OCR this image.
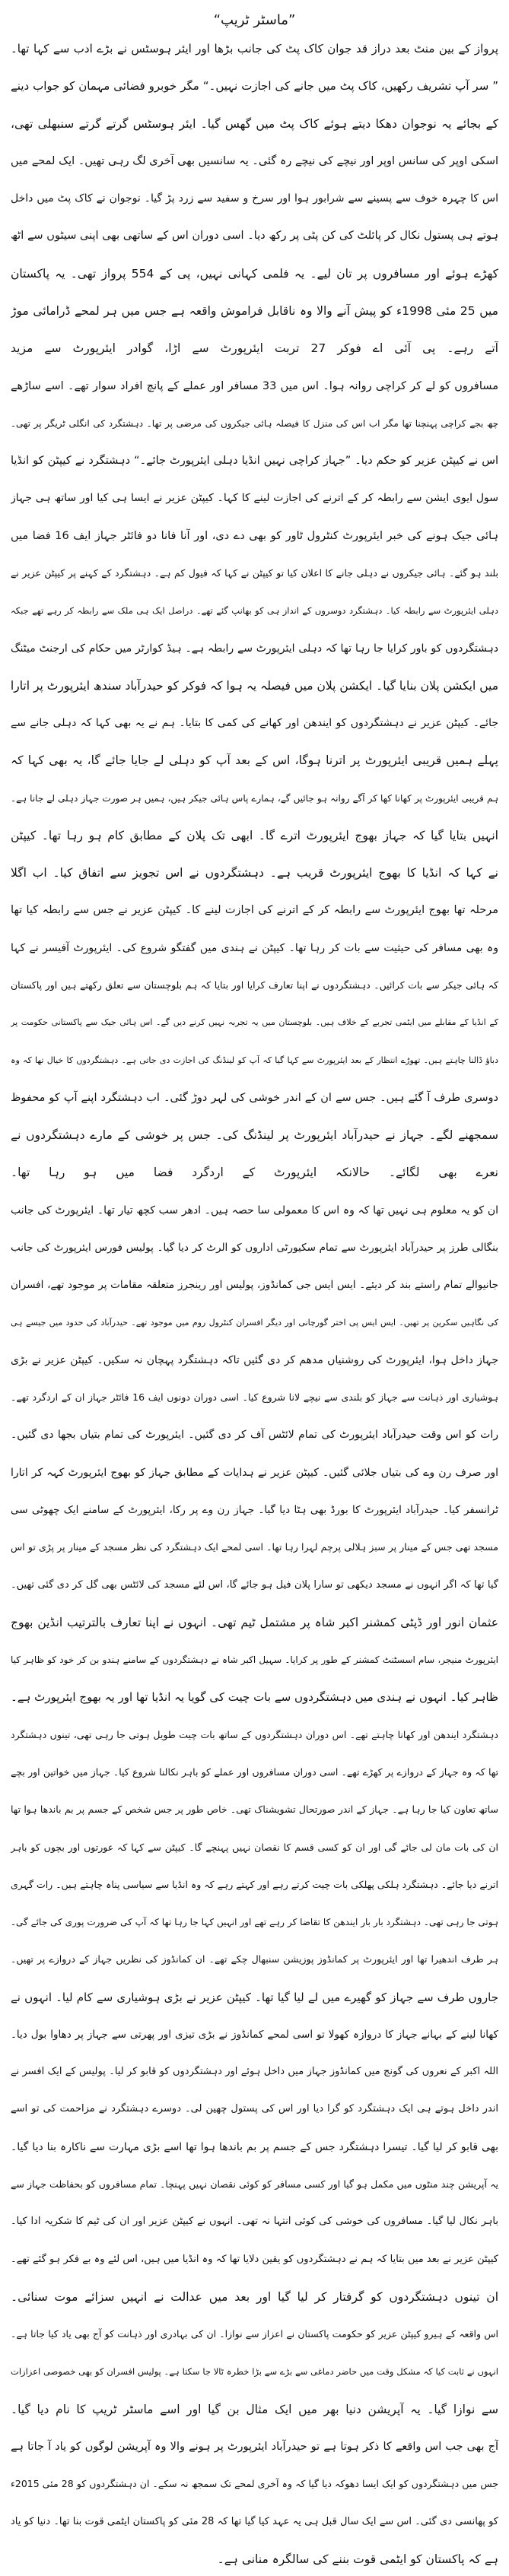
”ماسٹر ٹریپ“

پرواز کے بین منٹ بعد دراز قد جوان کاک پٹ کی جانب بڑھا اور ایئر ہوسٹس نے بڑے ادب سے کہا تھا۔

” سر آپ تشریف رکھیں، کاک پٹ میں جانے کی اجازت نہیں۔“ مگر خوبرو فضائی مہمان کو جواب دینے

کے بجائے یہ نوجوان دھکا دیتے ہوئے کاک پٹ میں گھس گیا۔ ایئر ہوسٹس گرتے گرتے سنبھلی تھی،

اسکی اوپر کی سانس اوپر اور نیچے کی نیچے رہ گئی۔ یہ سانسیں بھی آخری لگ رہی تھیں۔ ایک لمحے میں

اس کا چہرہ خوف سے پسینے سے شرابور ہوا اور سرخ و سفید سے زرد پڑ گیا۔ نوجوان نے کاک پٹ میں داخل

ہوتے ہی پستول نکال کر پائلٹ کی کن پٹی پر رکھ دیا۔ اسی دوران اس کے ساتھی بھی اپنی سیٹوں سے اٹھ

کھڑے ہوئے اور مسافروں پر تان لیے۔ یہ فلمی کہانی نہیں، پی کے 554 پرواز تھی۔ یہ پاکستان

میں 25 مئی 1998ء کو پیش آنے والا وہ ناقابل فراموش واقعہ ہے جس میں ہر لمحے ڈرامائی موڑ

آتے رہے۔ پی آئی اے فوکر 27 تربت ایئرپورٹ سے اڑا، گوادر ایئرپورٹ سے مزید

مسافروں کو لے کر کراچی روانہ ہوا۔ اس میں 33 مسافر اور عملے کے پانچ افراد سوار تھے۔ اسے ساڑھے

چھ بجے کراچی پہنچنا تھا مگر اب اس کی منزل کا فیصلہ ہائی جیکروں کی مرضی پر تھا۔ دہشتگرد کی انگلی ٹریگر پر تھی۔

اس نے کیپٹن عزیر کو حکم دیا۔ ”جہاز کراچی نہیں انڈیا دہلی ایئرپورٹ جائے۔“ دہشتگرد نے کیپٹن کو انڈیا

سول ایوی ایشن سے رابطہ کر کے اترنے کی اجازت لینے کا کہا۔ کیپٹن عزیر نے ایسا ہی کیا اور ساتھ ہی جہاز

ہائی جیک ہونے کی خبر ایئرپورٹ کنٹرول ٹاور کو بھی دے دی، اور آنا فانا دو فائٹر جہاز ایف 16 فضا میں

بلند ہو گئے۔ ہائی جیکروں نے دہلی جانے کا اعلان کیا تو کیپٹن نے کہا کہ فیول کم ہے۔ دہشتگرد کے کہنے پر کیپٹن عزیر نے

دہلی ایئرپورٹ سے رابطہ کیا۔ دہشتگرد دوسروں کے انداز ہی کو بھانپ گئے تھے۔ دراصل ایک ہی ملک سے رابطہ کر رہے تھے جبکہ

دہشتگردوں کو باور کرایا جا رہا تھا کہ دہلی ایئرپورٹ سے رابطہ ہے۔ ہیڈ کوارٹر میں حکام کی ارجنٹ میٹنگ

میں ایکشن پلان بنایا گیا۔ ایکشن پلان میں فیصلہ یہ ہوا کہ فوکر کو حیدرآباد سندھ ایئرپورٹ پر اتارا

جائے۔ کیپٹن عزیر نے دہشتگردوں کو ایندھن اور کھانے کی کمی کا بتایا۔ ہم نے یہ بھی کہا کہ دہلی جانے سے

پہلے ہمیں قریبی ایئرپورٹ پر اترنا ہوگا، اس کے بعد آپ کو دہلی لے جایا جائے گا، یہ بھی کہا کہ

ہم قریبی ایئرپورٹ پر کھانا کھا کر آگے روانہ ہو جائیں گے، ہمارے پاس ہائی جیکر ہیں، ہمیں ہر صورت جہاز دہلی لے جانا ہے۔

انہیں بتایا گیا کہ جہاز بھوج ایئرپورٹ اترے گا۔ ابھی تک پلان کے مطابق کام ہو رہا تھا۔ کیپٹن

نے کہا کہ انڈیا کا بھوج ایئرپورٹ قریب ہے۔ دہشتگردوں نے اس تجویز سے اتفاق کیا۔ اب اگلا

مرحلہ تھا بھوج ایئرپورٹ سے رابطہ کر کے اترنے کی اجازت لینے کا۔ کیپٹن عزیر نے جس سے رابطہ کیا تھا

وہ بھی مسافر کی حیثیت سے بات کر رہا تھا۔ کیپٹن نے ہندی میں گفتگو شروع کی۔ ایئرپورٹ آفیسر نے کہا

کہ ہائی جیکر سے بات کرائیں۔ دہشتگردوں نے اپنا تعارف کرایا اور بتایا کہ ہم بلوچستان سے تعلق رکھتے ہیں اور پاکستان

کے انڈیا کے مقابلے میں ایٹمی تجربے کے خلاف ہیں۔ بلوچستان میں یہ تجربہ نہیں کرنے دیں گے۔ اس ہائی جیک سے پاکستانی حکومت پر

دباؤ ڈالنا چاہتے ہیں۔ تھوڑے انتظار کے بعد ایئرپورٹ سے کہا گیا کہ آپ کو لینڈنگ کی اجازت دی جاتی ہے۔ دہشتگردوں کا خیال تھا کہ وہ

دوسری طرف آ گئے ہیں۔ جس سے ان کے اندر خوشی کی لہر دوڑ گئی۔ اب دہشتگرد اپنے آپ کو محفوظ

سمجھنے لگے۔ جہاز نے حیدرآباد ایئرپورٹ پر لینڈنگ کی۔ جس پر خوشی کے مارے دہشتگردوں نے

نعرے بھی لگائے۔ حالانکہ ایئرپورٹ کے اردگرد فضا میں ہو رہا تھا۔

ان کو یہ معلوم ہی نہیں تھا کہ وہ اس کا معمولی سا حصہ ہیں۔ ادھر سب کچھ تیار تھا۔ ایئرپورٹ کی جانب

بنگالی طرز پر حیدرآباد ایئرپورٹ سے تمام سکیورٹی اداروں کو الرٹ کر دیا گیا۔ پولیس فورس ایئرپورٹ کی جانب

جانیوالے تمام راستے بند کر دیئے۔ ایس ایس جی کمانڈوز، پولیس اور رینجرز متعلقہ مقامات پر موجود تھے، افسران

کی نگاہیں سکرین پر تھیں۔ ایس ایس پی اختر گورچانی اور دیگر افسران کنٹرول روم میں موجود تھے۔ حیدرآباد کی حدود میں جیسے ہی

جہاز داخل ہوا، ایئرپورٹ کی روشنیاں مدھم کر دی گئیں تاکہ دہشتگرد پہچان نہ سکیں۔ کیپٹن عزیر نے بڑی

ہوشیاری اور ذہانت سے جہاز کو بلندی سے نیچے لانا شروع کیا۔ اسی دوران دونوں ایف 16 فائٹر جہاز ان کے اردگرد تھے۔

رات کو اس وقت حیدرآباد ایئرپورٹ کی تمام لائٹس آف کر دی گئیں۔ ایئرپورٹ کی تمام بتیاں بجھا دی گئیں۔

اور صرف رن وے کی بتیاں جلائی گئیں۔ کیپٹن عزیر نے ہدایات کے مطابق جہاز کو بھوج ایئرپورٹ کہہ کر اتارا

ٹرانسفر کیا۔ حیدرآباد ایئرپورٹ کا بورڈ بھی ہٹا دیا گیا۔ جہاز رن وے پر رکا، ایئرپورٹ کے سامنے ایک چھوٹی سی

مسجد تھی جس کے مینار پر سبز ہلالی پرچم لہرا رہا تھا۔ اسی لمحے ایک دہشتگرد کی نظر مسجد کے مینار پر پڑی تو اس

گیا تھا کہ اگر انہوں نے مسجد دیکھی تو سارا پلان فیل ہو جائے گا، اس لئے مسجد کی لائٹس بھی گل کر دی گئی تھیں۔

عثمان انور اور ڈپٹی کمشنر اکبر شاہ پر مشتمل ٹیم تھی۔ انہوں نے اپنا تعارف بالترتیب انڈین بھوج

ایئرپورٹ منیجر، سام اسسٹنٹ کمشنر کے طور پر کرایا۔ سہیل اکبر شاہ نے دہشتگردوں کے سامنے ہندو بن کر خود کو ظاہر کیا

ظاہر کیا۔ انہوں نے ہندی میں دہشتگردوں سے بات چیت کی گویا یہ انڈیا تھا اور یہ بھوج ایئرپورٹ ہے۔

دہشتگرد ایندھن اور کھانا چاہتے تھے۔ اس دوران دہشتگردوں کے ساتھ بات چیت طویل ہوتی جا رہی تھی، تینوں دہشتگرد

تھا کہ وہ جہاز کے دروازے پر کھڑے تھے۔ اسی دوران مسافروں اور عملے کو باہر نکالنا شروع کیا۔ جہاز میں خواتین اور بچے

ساتھ تعاون کیا جا رہا ہے۔ جہاز کے اندر صورتحال تشویشناک تھی۔ خاص طور پر جس شخص کے جسم پر بم باندھا ہوا تھا

ان کی بات مان لی جائے گی اور ان کو کسی قسم کا نقصان نہیں پہنچے گا۔ کیپٹن سے کہا کہ عورتوں اور بچوں کو باہر

اترنے دیا جائے۔ دہشتگرد ہلکی پھلکی بات چیت کرتے رہے اور کہتے رہے کہ وہ انڈیا سے سیاسی پناہ چاہتے ہیں۔ رات گہری

ہوتی جا رہی تھی۔ دہشتگرد بار بار ایندھن کا تقاضا کر رہے تھے اور انہیں کہا جا رہا تھا کہ آپ کی ضرورت پوری کی جائے گی۔

ہر طرف اندھیرا تھا اور ایئرپورٹ پر کمانڈوز پوزیشن سنبھال چکے تھے۔ ان کمانڈوز کی نظریں جہاز کے دروازے پر تھیں۔

جاروں طرف سے جہاز کو گھیرے میں لے لیا گیا تھا۔ کیپٹن عزیر نے بڑی ہوشیاری سے کام لیا۔ انہوں نے

کھانا لینے کے بہانے جہاز کا دروازہ کھولا تو اسی لمحے کمانڈوز نے بڑی تیزی اور پھرتی سے جہاز پر دھاوا بول دیا۔

اللہ اکبر کے نعروں کی گونج میں کمانڈوز جہاز میں داخل ہوئے اور دہشتگردوں کو قابو کر لیا۔ پولیس کے ایک افسر نے

اندر داخل ہوتے ہی ایک دہشتگرد کو گرا دیا اور اس کی پستول چھین لی۔ دوسرے دہشتگرد نے مزاحمت کی تو اسے

بھی قابو کر لیا گیا۔ تیسرا دہشتگرد جس کے جسم پر بم باندھا ہوا تھا اسے بڑی مہارت سے ناکارہ بنا دیا گیا۔

یہ آپریشن چند منٹوں میں مکمل ہو گیا اور کسی مسافر کو کوئی نقصان نہیں پہنچا۔ تمام مسافروں کو بحفاظت جہاز سے

باہر نکال لیا گیا۔ مسافروں کی خوشی کی کوئی انتہا نہ تھی۔ انہوں نے کیپٹن عزیر اور ان کی ٹیم کا شکریہ ادا کیا۔

کیپٹن عزیر نے بعد میں بتایا کہ ہم نے دہشتگردوں کو یقین دلایا تھا کہ وہ انڈیا میں ہیں، اس لئے وہ بے فکر ہو گئے تھے۔

ان تینوں دہشتگردوں کو گرفتار کر لیا گیا اور بعد میں عدالت نے انہیں سزائے موت سنائی۔

اس واقعہ کے ہیرو کیپٹن عزیر کو حکومت پاکستان نے اعزاز سے نوازا۔ ان کی بہادری اور ذہانت کو آج بھی یاد کیا جاتا ہے۔

انہوں نے ثابت کیا کہ مشکل وقت میں حاضر دماغی سے بڑے سے بڑا خطرہ ٹالا جا سکتا ہے۔ پولیس افسران کو بھی خصوصی اعزازات

سے نوازا گیا۔ یہ آپریشن دنیا بھر میں ایک مثال بن گیا اور اسے ماسٹر ٹریپ کا نام دیا گیا۔

آج بھی جب اس واقعے کا ذکر ہوتا ہے تو حیدرآباد ایئرپورٹ پر ہونے والا وہ آپریشن لوگوں کو یاد آ جاتا ہے

جس میں دہشتگردوں کو ایک ایسا دھوکہ دیا گیا کہ وہ آخری لمحے تک سمجھ نہ سکے۔ ان دہشتگردوں کو 28 مئی 2015ء

کو پھانسی دی گئی۔ اس سے ایک سال قبل ہی یہ عہد کیا گیا تھا کہ 28 مئی کو پاکستان ایٹمی قوت بنا تھا۔ دنیا کو یاد

ہے کہ پاکستان کو ایٹمی قوت بننے کی سالگرہ منانی ہے۔
